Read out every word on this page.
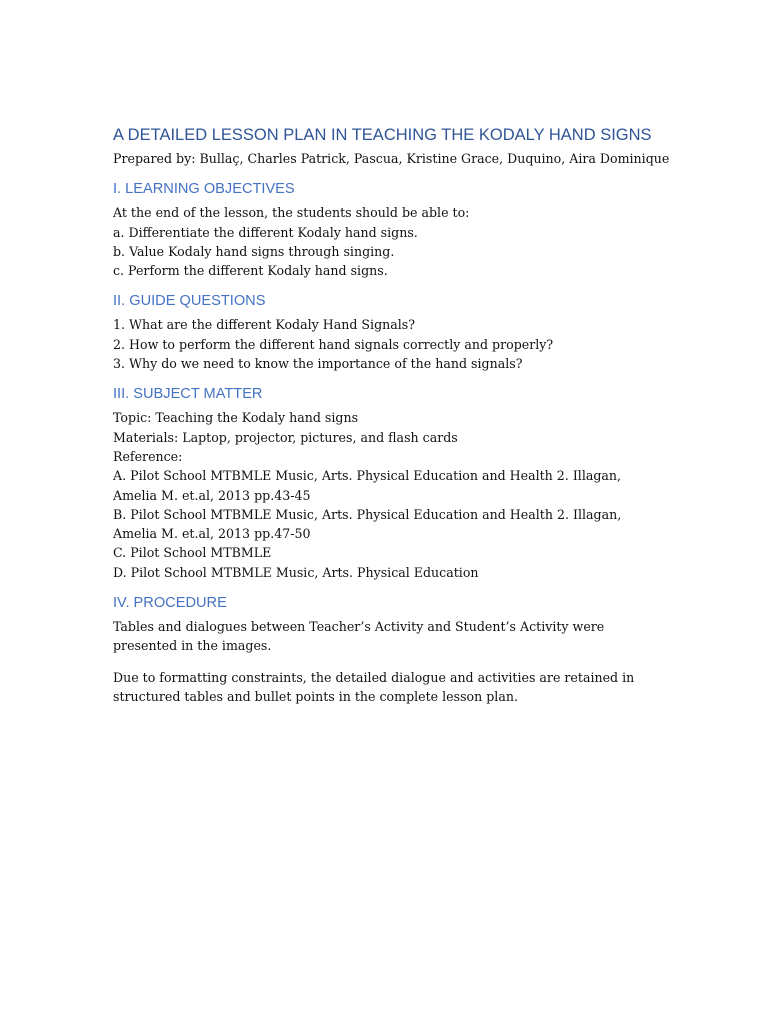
A DETAILED LESSON PLAN IN TEACHING THE KODALY HAND SIGNS
Prepared by: Bullaç, Charles Patrick, Pascua, Kristine Grace, Duquino, Aira Dominique
I. LEARNING OBJECTIVES

At the end of the lesson, the students should be able to:

a. Differentiate the different Kodaly hand signs.

b. Value Kodaly hand signs through singing.

c. Perform the different Kodaly hand signs.

II. GUIDE QUESTIONS

1. What are the different Kodaly Hand Signals?

2. How to perform the different hand signals correctly and properly?

3. Why do we need to know the importance of the hand signals?

III. SUBJECT MATTER

Topic: Teaching the Kodaly hand signs

Materials: Laptop, projector, pictures, and flash cards

Reference:

A. Pilot School MTBMLE Music, Arts. Physical Education and Health 2. Illagan, Amelia M. et.al, 2013 pp.43-45

B. Pilot School MTBMLE Music, Arts. Physical Education and Health 2. Illagan, Amelia M. et.al, 2013 pp.47-50

C. Pilot School MTBMLE

D. Pilot School MTBMLE Music, Arts. Physical Education

IV. PROCEDURE

Tables and dialogues between Teacher’s Activity and Student’s Activity were presented in the images.

Due to formatting constraints, the detailed dialogue and activities are retained in structured tables and bullet points in the complete lesson plan.
